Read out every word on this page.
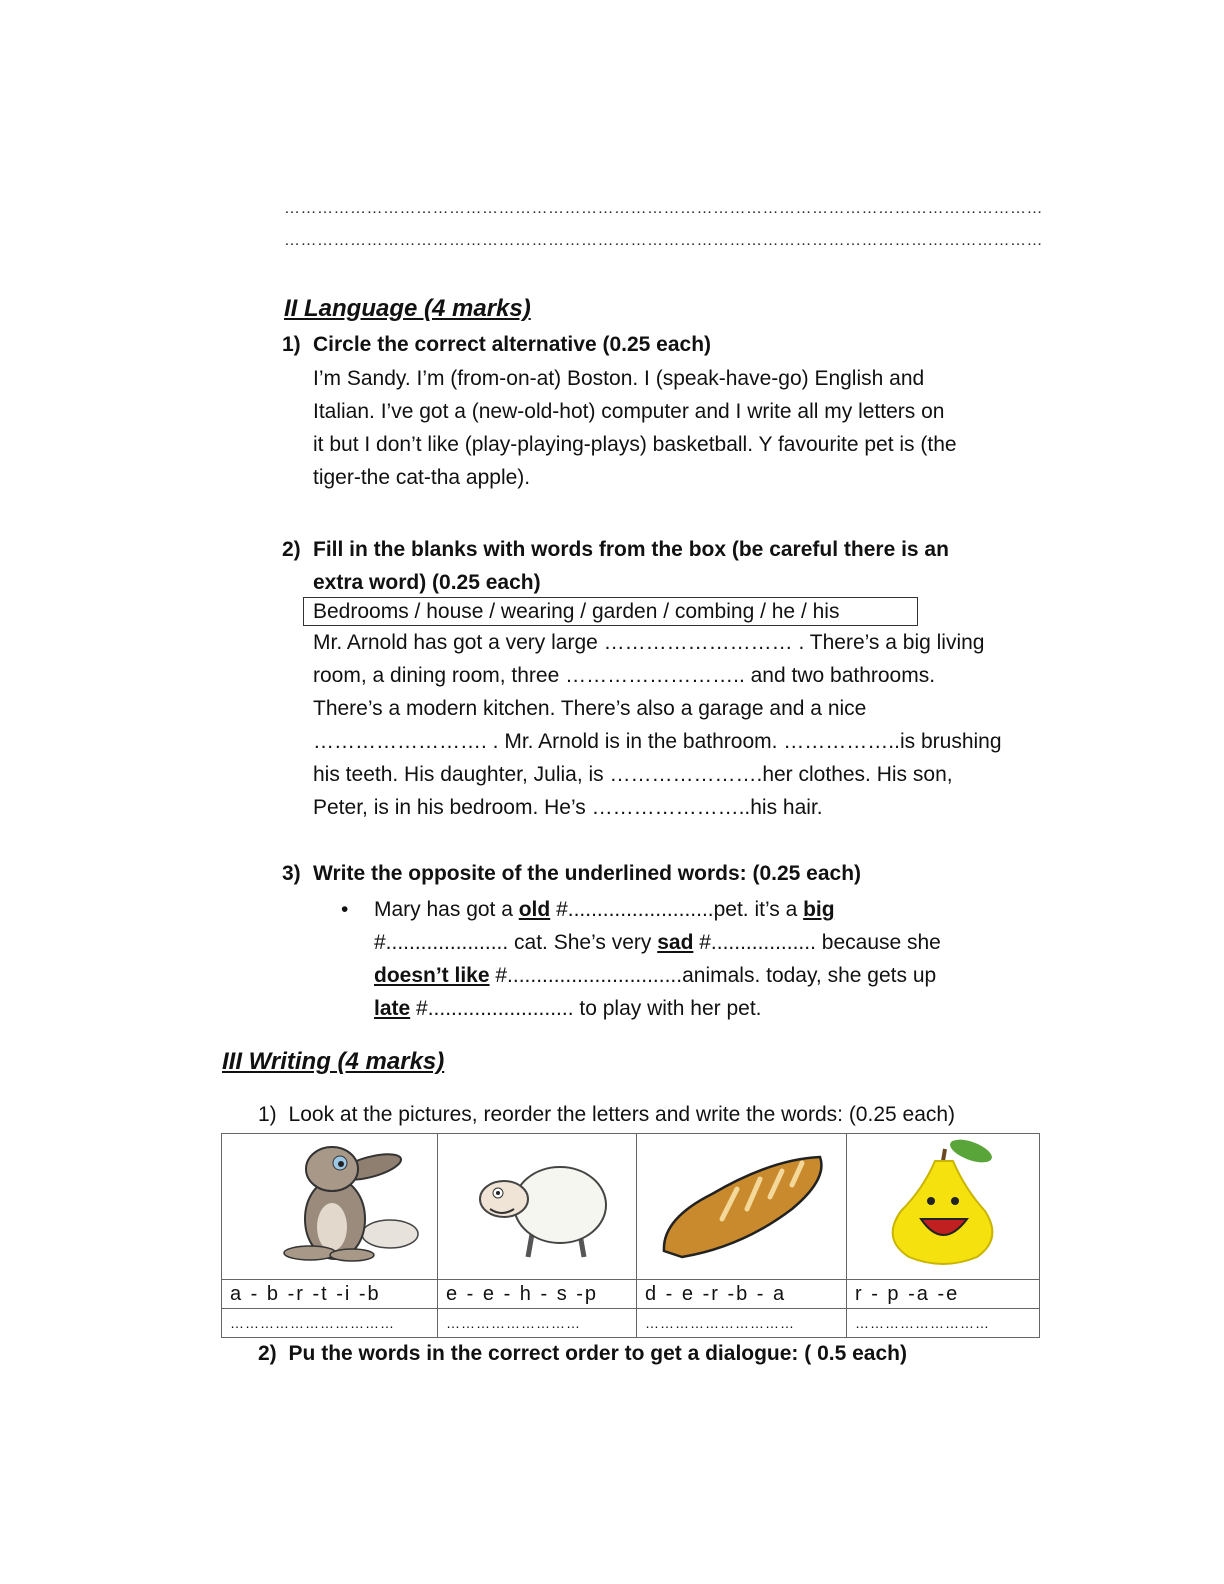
…………………………………………………………………………………………………………………………
…………………………………………………………………………………………………………………………
II Language (4 marks)
1) Circle the correct alternative (0.25 each)
I’m Sandy. I’m (from-on-at) Boston. I (speak-have-go) English and
Italian. I’ve got a (new-old-hot) computer and I write all my letters on
it but I don’t like (play-playing-plays) basketball. Y favourite pet is (the
tiger-the cat-tha apple).
2) Fill in the blanks with words from the box (be careful there is an
extra word) (0.25 each)
Bedrooms / house / wearing / garden / combing / he / his
Mr. Arnold has got a very large ……………………… . There’s a big living
room, a dining room, three …………………….. and two bathrooms.
There’s a modern kitchen. There’s also a garage and a nice
……………………. . Mr. Arnold is in the bathroom. ……………..is brushing
his teeth. His daughter, Julia, is ………………….her clothes. His son,
Peter, is in his bedroom. He’s …………………..his hair.
3) Write the opposite of the underlined words: (0.25 each)
• Mary has got a old #.........................pet. it’s a big
#..................... cat. She’s very sad #.................. because she
doesn’t like #..............................animals. today, she gets up
late #......................... to play with her pet.
III Writing (4 marks)
1) Look at the pictures, reorder the letters and write the words: (0.25 each)

a - b -r -t -i -b	e - e - h - s -p	d - e -r -b - a	r - p -a -e
……………………………	………………………	…………………………	………………………
2) Pu the words in the correct order to get a dialogue: ( 0.5 each)
